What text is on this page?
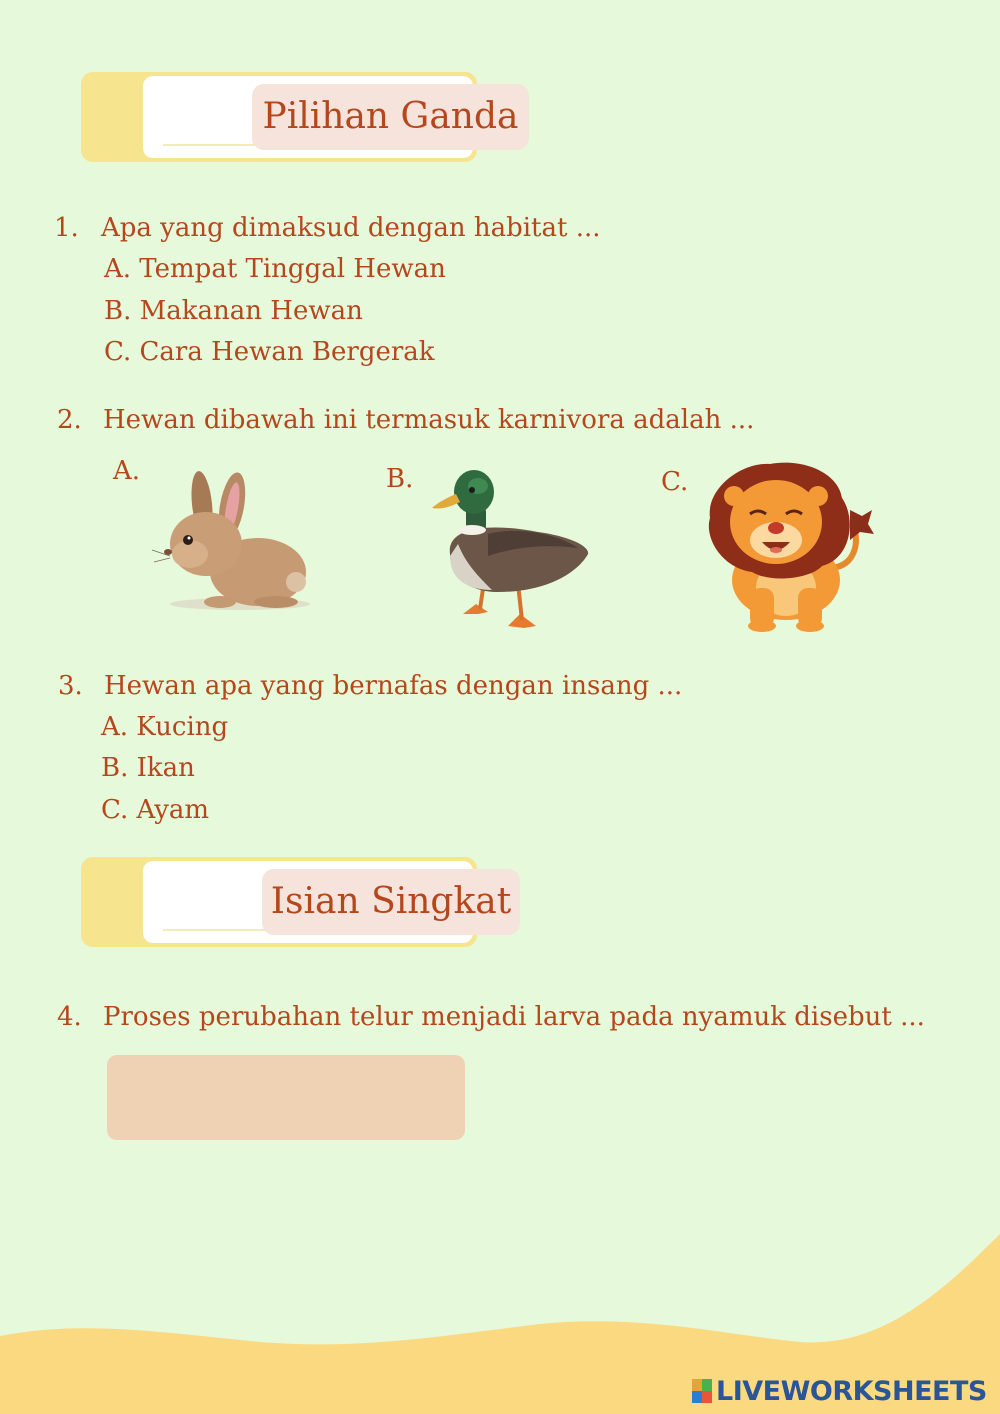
Pilihan Ganda
1. Apa yang dimaksud dengan habitat ...
A. Tempat Tinggal Hewan
B. Makanan Hewan
C. Cara Hewan Bergerak
2. Hewan dibawah ini termasuk karnivora adalah ...
A.	B.	C.
3. Hewan apa yang bernafas dengan insang ...
A. Kucing
B. Ikan
C. Ayam
Isian Singkat
4. Proses perubahan telur menjadi larva pada nyamuk disebut ...
LIVEWORKSHEETS
